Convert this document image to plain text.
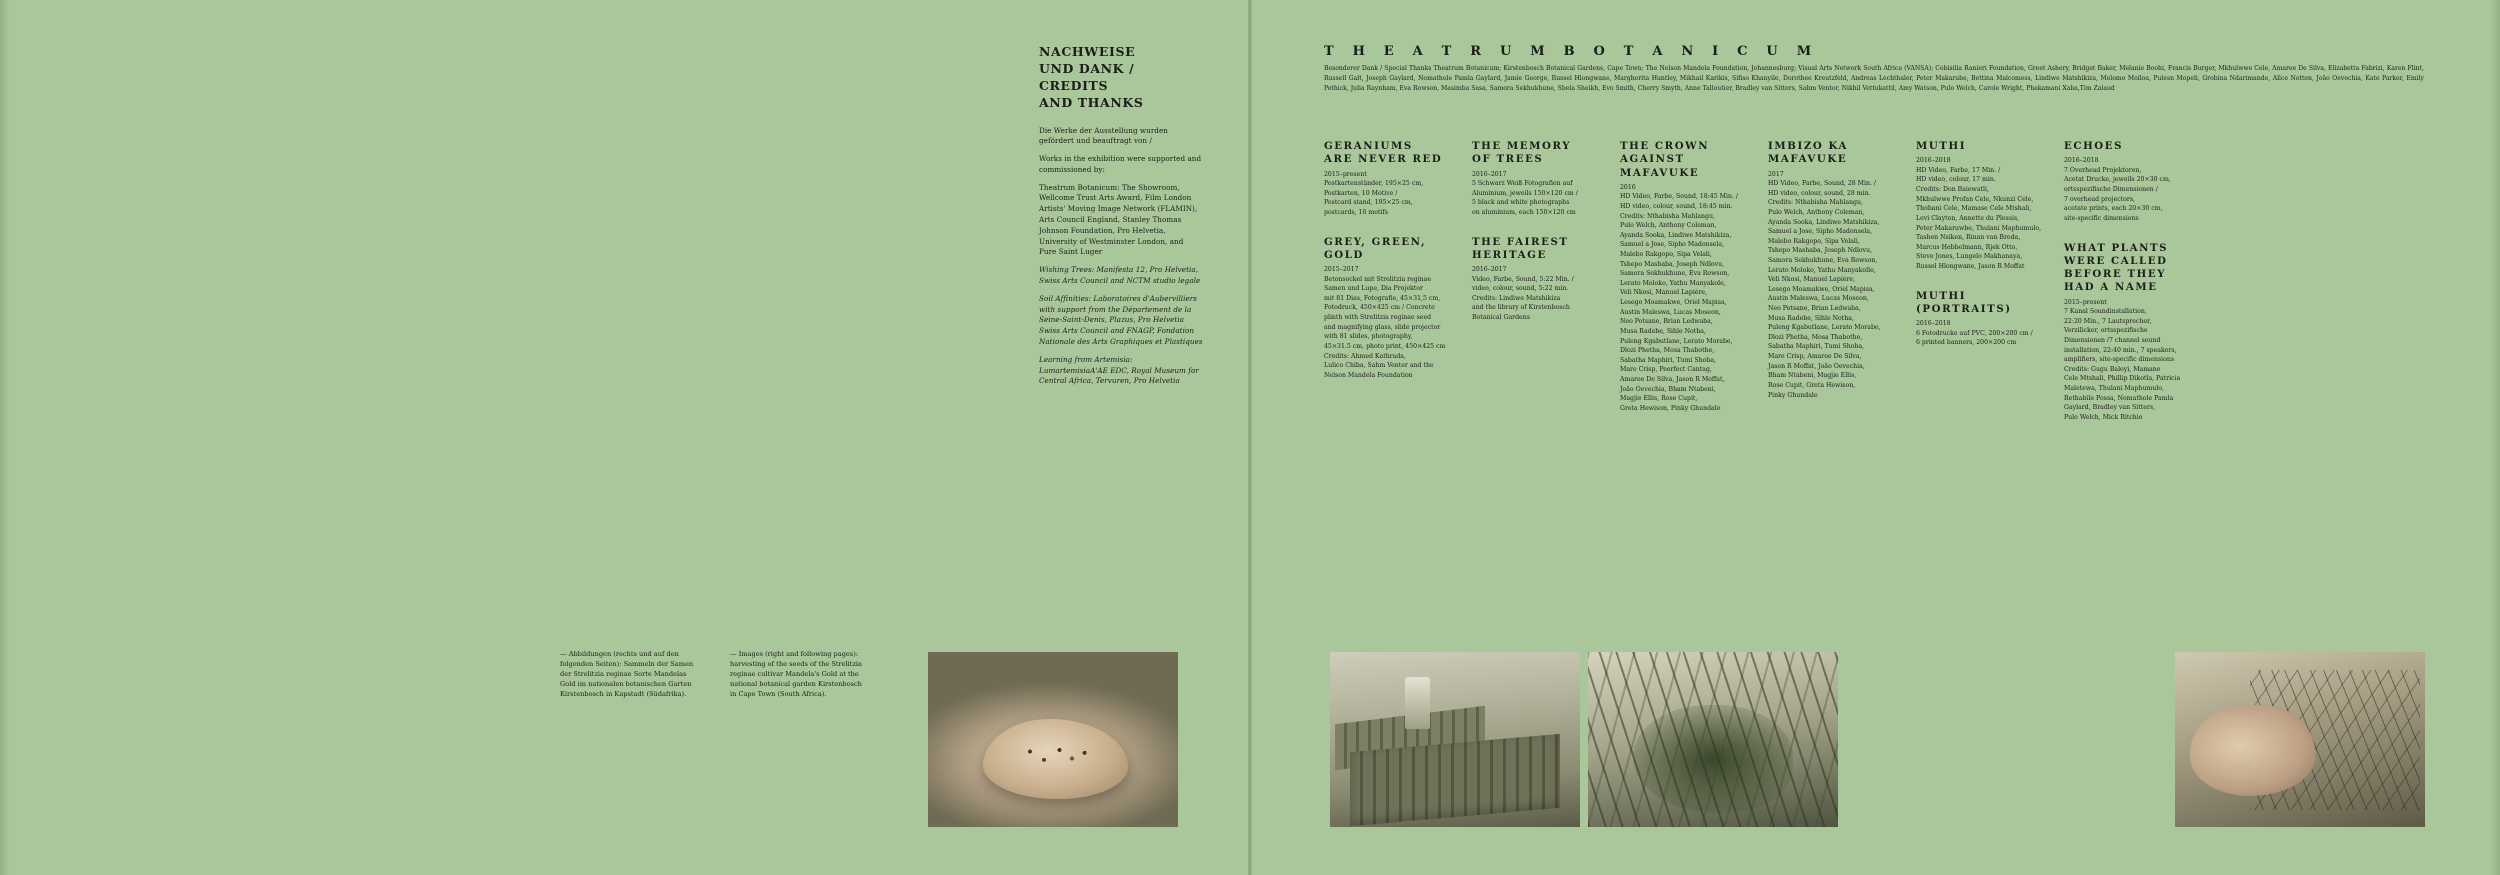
NACHWEISE
UND DANK /
CREDITS
AND THANKS

Die Werke der Ausstellung wurden gefördert und beauftragt von /

Works in the exhibition were supported and commissioned by:

Theatrum Botanicum: The Showroom, Wellcome Trust Arts Award, Film London Artists' Moving Image Network (FLAMIN), Arts Council England, Stanley Thomas Johnson Foundation, Pro Helvetia, University of Westminster London, and Pure Saint Luger

Wishing Trees: Manifesta 12, Pro Helvetia, Swiss Arts Council and NCTM studio legale

Soil Affinities: Laboratoires d'Aubervilliers with support from the Département de la Seine-Saint-Denis, Plazus, Pro Helvetia Swiss Arts Council and FNAGP, Fondation Nationale des Arts Graphiques et Plastiques

Learning from Artemisia: LumartemisiaA'AE EDC, Royal Museum for Central Africa, Tervuren, Pro Helvetia

— Abbildungen (rechts und auf den folgenden Seiten): Sammeln der Samen der Strelitzia reginae Sorte Mandelas Gold im nationalen botanischen Garten Kirstenbosch in Kapstadt (Südafrika).
— Images (right and following pages): harvesting of the seeds of the Strelitzia reginae cultivar Mandela's Gold at the national botanical garden Kirstenbosch in Cape Town (South Africa).
T H E A T R U M B O T A N I C U M
Besonderer Dank / Special Thanks Theatrum Botanicum; Kirstenbosch Botanical Gardens, Cape Town; The Nelson Mandela Foundation, Johannesburg; Visual Arts Network South Africa (VANSA); Cebisilia Ranieri Foundation, Greet Ashery, Bridget Baker, Melanie Boohi, Francis Burger, Mkhulwwe Cele, Amaree De Silva, Elizabetta Fabrizi, Karen Flint, Russell Galt, Joseph Gaylard, Nomathole Pamla Gaylard, Jamie George, Russel Hlongwane, Margherita Huntley, Mikhail Karikis, Sifiso Khanyile, Dorothee Kreutzfeld, Andreas Lechthaler, Peter Makarube, Bettina Malcomess, Lindiwe Matshikiza, Melomo Moiloa, Pulesn Mopeli, Grobina Ndarimande, Alice Notten, João Oevechia, Kate Parker, Emily Pethick, Julia Raynham, Eva Rowson, Masimba Sasa, Samora Sekhukhune, Sbela Sheikh, Evo Smith, Cherry Smyth, Anne Talloutier, Bradley van Sitters, Sabm Ventor, Nikhil Vettukattil, Amy Watson, Pulo Welch, Carole Wright, Phakamani Xaba,Tim Zalaud
GERANIUMS
ARE NEVER RED
2015–present
Postkartenständer, 195×25 cm,
Postkarten, 10 Motive /
Postcard stand, 195×25 cm,
postcards, 10 motifs
GREY, GREEN,
GOLD
2015–2017
Betonsockel mit Strelitzia reginae
Samen und Lupe, Dia Projektor
mit 81 Dias, Fotografie, 45×31,5 cm,
Fotodruck, 450×425 cm / Concrete
plinth with Strelitzia reginae seed
and magnifying glass, slide projector
with 81 slides, photography,
45×31.5 cm, photo print, 450×425 cm
Credits: Ahmed Kathrada,
Lulico Chiba, Sahm Venter and the
Nelson Mandela Foundation
THE MEMORY
OF TREES
2016–2017
5 Schwarz Weiß Fotografien auf
Aluminium, jeweils 150×120 cm /
5 black and white photographs
on aluminium, each 150×120 cm
THE FAIREST
HERITAGE
2016–2017
Video, Farbe, Sound, 5:22 Min. /
video, colour, sound, 5:22 min.
Credits: Lindiwe Matshikiza
and the library of Kirstenbosch
Botanical Gardens
THE CROWN
AGAINST
MAFAVUKE
2016
HD Video, Farbe, Sound, 18:45 Min. /
HD video, colour, sound, 18:45 min.
Credits: Nthabisha Mahlangu,
Pulo Welch, Anthony Coleman,
Ayanda Sooka, Lindiwe Matshikiza,
Samuel a Jose, Sipho Madonsela,
Malebo Rakgopo, Sipa Velali,
Tshepo Mashaba, Joseph Ndlovu,
Samora Sekhukhune, Eva Rowson,
Lerato Moloko, Yathu Manyakole,
Veli Nkosi, Manuel Lapière,
Lesego Moamakwe, Oriel Mapisa,
Austin Maleswa, Lucas Moseon,
Neo Potsane, Brian Ledwaba,
Musa Radebe, Sihle Notha,
Puleng Kgabutlane, Lerato Morabe,
Dlozi Phetha, Mosa Thabothe,
Sabatha Maphiri, Tumi Shoba,
Mare Crisp, Peerfect Cantag,
Amaree De Silva, Jason R Moffat,
João Oevechia, Bham Ntabeni,
Magjie Ellis, Rose Cupit,
Greta Hewison, Pinky Ghundale
IMBIZO KA
MAFAVUKE
2017
HD Video, Farbe, Sound, 28 Min. /
HD video, colour, sound, 28 min.
Credits: Nthabisha Mahlangu,
Pulo Welch, Anthony Coleman,
Ayanda Sooka, Lindiwe Matshikiza,
Samuel a Jose, Sipho Madonsela,
Malebo Rakgopo, Sipa Velali,
Tshepo Mashaba, Joseph Ndlovu,
Samora Sekhukhune, Eva Rowson,
Lerato Moloko, Yathu Manyakolle,
Veli Nkosi, Manuel Lapière,
Lesego Moamakwe, Oriel Mapisa,
Austin Maleswa, Lucas Moseon,
Neo Potsane, Brian Ledwaba,
Musa Radebe, Sihle Notha,
Puleng Kgabutlane, Lerato Morabe,
Dlozi Phetha, Mosa Thabothe,
Sabatha Maphiri, Tumi Shoba,
Mare Crisp, Amaree De Silva,
Jason R Moffat, João Oevechia,
Bham Ntabeni, Magjie Ellis,
Rose Cupit, Greta Hewison,
Pinky Ghundale
MUTHI
2016–2018
HD Video, Farbe, 17 Min. /
HD video, colour, 17 min.
Credits: Don Baiewatli,
Mkhulwwe Profan Cele, Nkunzi Cele,
Thobani Cele, Mamase Cele Mtshali,
Levi Clayton, Annette du Plessis,
Peter Makaruwbe, Thulani Maphumulo,
Tashen Nsiken, Rinan van Breda,
Marcus Hebbelmann, Rjek Otto,
Steve Jones, Lungelo Makhanaya,
Russel Hlongwane, Jason R Moffat
MUTHI
(PORTRAITS)
2016–2018
6 Fotodrucke auf PVC, 200×200 cm /
6 printed banners, 200×200 cm
ECHOES
2016–2018
7 Overhead Projektoren,
Acetat Drucke, jeweils 20×30 cm,
ortsspezifische Dimensionen /
7 overhead projectors,
acetate prints, each 20×30 cm,
site-specific dimensions
WHAT PLANTS
WERE CALLED
BEFORE THEY
HAD A NAME
2015–present
7 Kanal Soundinstallation,
22:20 Min., 7 Lautsprecher,
Verzilicker, ortsspezifische
Dimensionen /7 channel sound
installation, 22:40 min., 7 speakers,
amplifiers, site-specific dimensions
Credits: Gugu Baloyi, Mamane
Cele Mtshali, Phillip Dikotla, Patricia
Maletewa, Thulani Maphumulo,
Rethabile Possa, Nomathole Pamla
Gaylard, Bradley van Sitters,
Pulo Welch, Mick Ritchie
